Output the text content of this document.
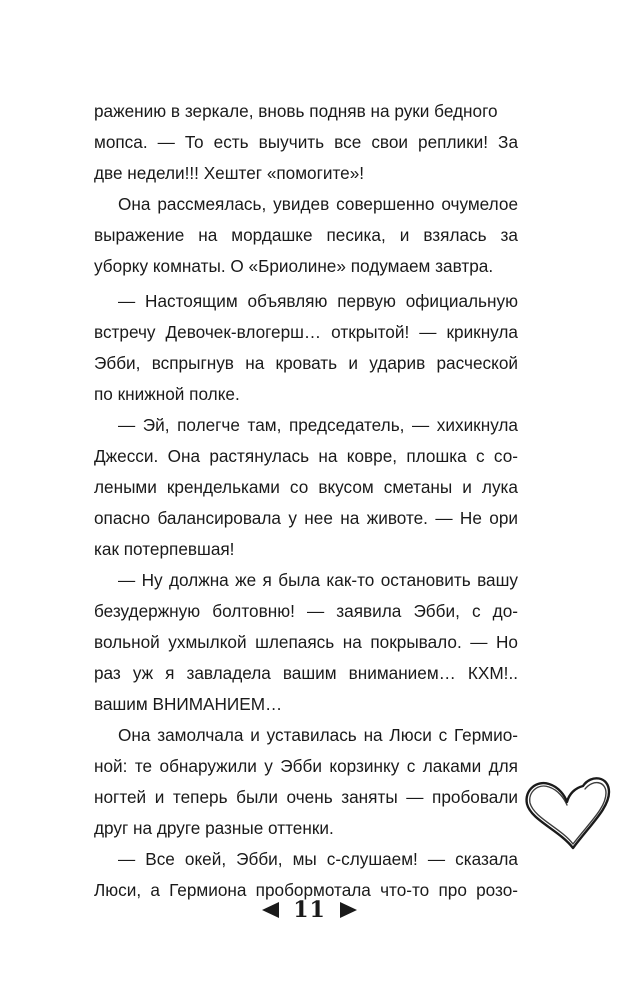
ражению в зеркале, вновь подняв на руки бедного
мопса. — То есть выучить все свои реплики! За
две недели!!! Хештег «помогите»!
Она рассмеялась, увидев совершенно очумелое
выражение на мордашке песика, и взялась за
уборку комнаты. О «Бриолине» подумаем завтра.
— Настоящим объявляю первую официальную
встречу Девочек-влогерш… открытой! — крикнула
Эбби, вспрыгнув на кровать и ударив расческой
по книжной полке.
— Эй, полегче там, председатель, — хихикнула
Джесси. Она растянулась на ковре, плошка с со-
леными крендельками со вкусом сметаны и лука
опасно балансировала у нее на животе. — Не ори
как потерпевшая!
— Ну должна же я была как-то остановить вашу
безудержную болтовню! — заявила Эбби, с до-
вольной ухмылкой шлепаясь на покрывало. — Но
раз уж я завладела вашим вниманием… КХМ!..
вашим ВНИМАНИЕМ…
Она замолчала и уставилась на Люси с Гермио-
ной: те обнаружили у Эбби корзинку с лаками для
ногтей и теперь были очень заняты — пробовали
друг на друге разные оттенки.
— Все окей, Эбби, мы с-слушаем! — сказала
Люси, а Гермиона пробормотала что-то про розо-
11
